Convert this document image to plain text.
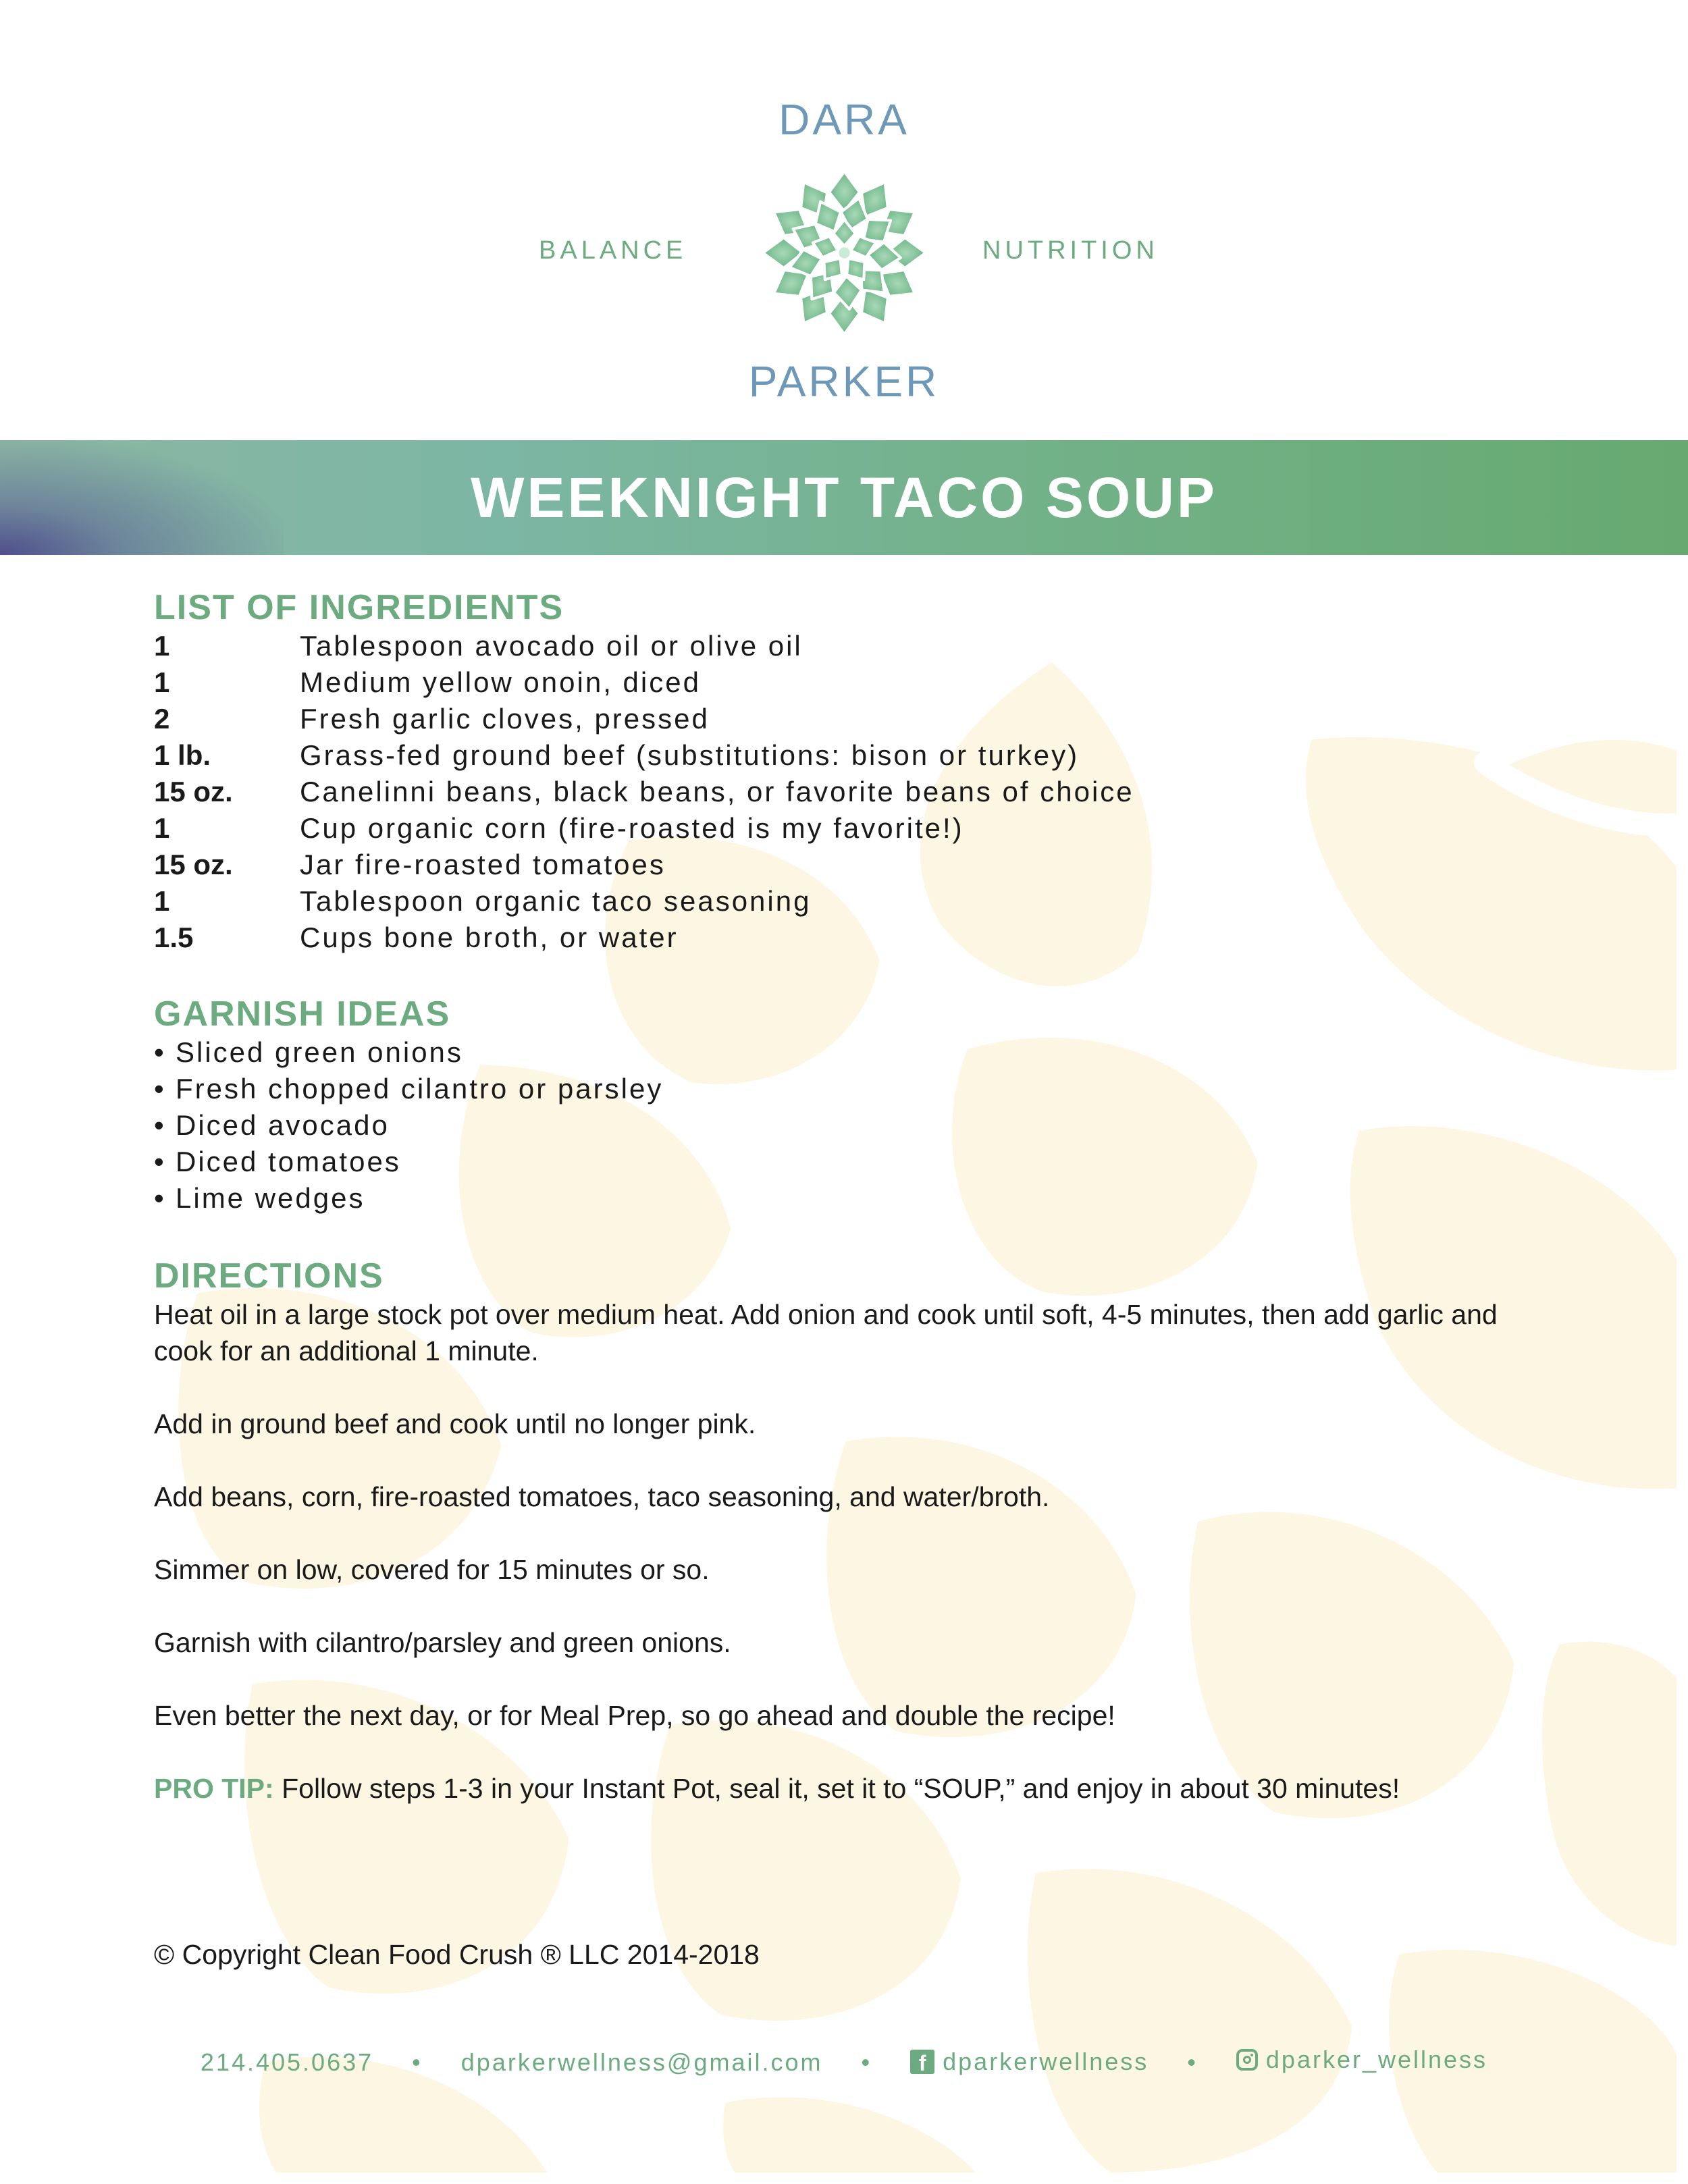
DARA
BALANCE	NUTRITION
PARKER
WEEKNIGHT TACO SOUP
LIST OF INGREDIENTS
1	Tablespoon avocado oil or olive oil
1	Medium yellow onoin, diced
2	Fresh garlic cloves, pressed
1 lb.	Grass-fed ground beef (substitutions: bison or turkey)
15 oz.	Canelinni beans, black beans, or favorite beans of choice
1	Cup organic corn (fire-roasted is my favorite!)
15 oz.	Jar fire-roasted tomatoes
1	Tablespoon organic taco seasoning
1.5	Cups bone broth, or water
GARNISH IDEAS
• Sliced green onions
• Fresh chopped cilantro or parsley
• Diced avocado
• Diced tomatoes
• Lime wedges
DIRECTIONS

Heat oil in a large stock pot over medium heat. Add onion and cook until soft, 4-5 minutes, then add garlic and cook for an additional 1 minute.

Add in ground beef and cook until no longer pink.

Add beans, corn, fire-roasted tomatoes, taco seasoning, and water/broth.

Simmer on low, covered for 15 minutes or so.

Garnish with cilantro/parsley and green onions.

Even better the next day, or for Meal Prep, so go ahead and double the recipe!

PRO TIP: Follow steps 1-3 in your Instant Pot, seal it, set it to “SOUP,” and enjoy in about 30 minutes!

© Copyright Clean Food Crush ® LLC 2014-2018
214.405.0637 • dparkerwellness@gmail.com •	f dparkerwellness •	dparker_wellness
